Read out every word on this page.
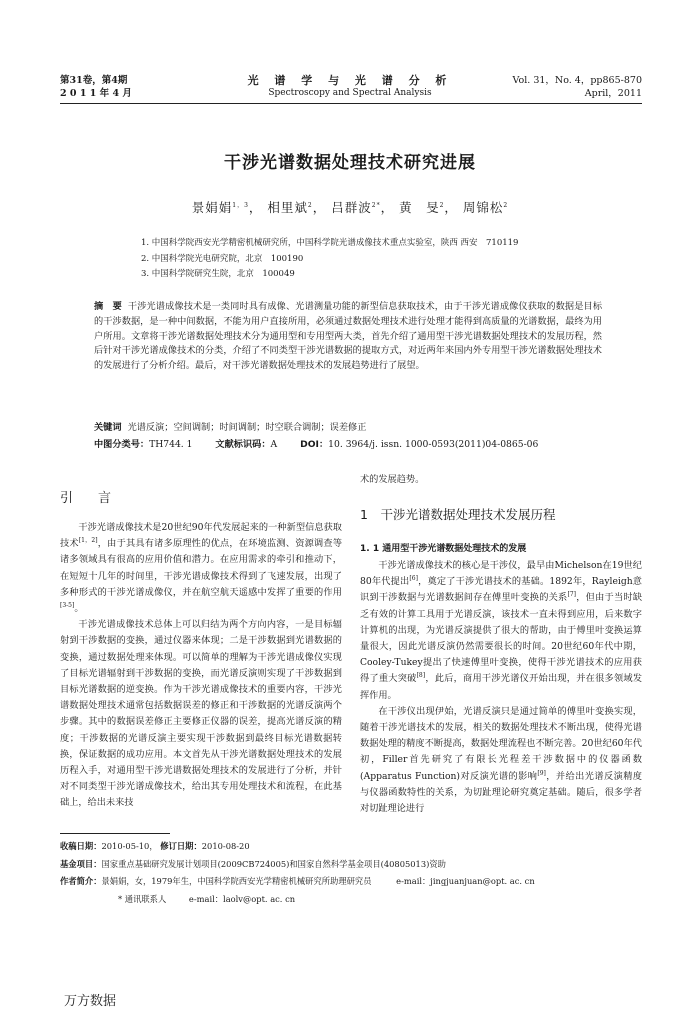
第31卷，第4期
2 0 1 1 年 4 月
光 谱 学 与 光 谱 分 析
Spectroscopy and Spectral Analysis
Vol. 31，No. 4，pp865-870
April，2011
干涉光谱数据处理技术研究进展
景娟娟$^{1,3}$， 相里斌$^2$， 吕群波$^{2*}$， 黄　旻$^2$， 周锦松$^2$
1. 中国科学院西安光学精密机械研究所，中国科学院光谱成像技术重点实验室，陕西 西安　710119
2. 中国科学院光电研究院，北京　100190
3. 中国科学院研究生院，北京　100049
摘　要 干涉光谱成像技术是一类同时具有成像、光谱测量功能的新型信息获取技术，由于干涉光谱成像仪获取的数据是目标的干涉数据，是一种中间数据，不能为用户直接所用，必须通过数据处理技术进行处理才能得到高质量的光谱数据，最终为用户所用。文章将干涉光谱数据处理技术分为通用型和专用型两大类，首先介绍了通用型干涉光谱数据处理技术的发展历程，然后针对干涉光谱成像技术的分类，介绍了不同类型干涉光谱数据的提取方式，对近两年来国内外专用型干涉光谱数据处理技术的发展进行了分析介绍。最后，对干涉光谱数据处理技术的发展趋势进行了展望。
关键词 光谱反演；空间调制；时间调制；时空联合调制；误差修正
中图分类号：TH744. 1 文献标识码：A DOI：10. 3964/j. issn. 1000-0593(2011)04-0865-06
引　言

干涉光谱成像技术是20世纪90年代发展起来的一种新型信息获取技术[1，2]，由于其具有诸多原理性的优点，在环境监测、资源调查等诸多领域具有很高的应用价值和潜力。在应用需求的牵引和推动下，在短短十几年的时间里，干涉光谱成像技术得到了飞速发展，出现了多种形式的干涉光谱成像仪，并在航空航天遥感中发挥了重要的作用[3-5]。

干涉光谱成像技术总体上可以归结为两个方向内容，一是目标辐射到干涉数据的变换，通过仪器来体现；二是干涉数据到光谱数据的变换，通过数据处理来体现。可以简单的理解为干涉光谱成像仪实现了目标光谱辐射到干涉数据的变换，而光谱反演则实现了干涉数据到目标光谱数据的逆变换。作为干涉光谱成像技术的重要内容，干涉光谱数据处理技术通常包括数据误差的修正和干涉数据的光谱反演两个步骤。其中的数据误差修正主要修正仪器的误差，提高光谱反演的精度；干涉数据的光谱反演主要实现干涉数据到最终目标光谱数据转换，保证数据的成功应用。本文首先从干涉光谱数据处理技术的发展历程入手，对通用型干涉光谱数据处理技术的发展进行了分析，并针对不同类型干涉光谱成像技术，给出其专用处理技术和流程，在此基础上，给出未来技

术的发展趋势。
1　干涉光谱数据处理技术发展历程
1. 1 通用型干涉光谱数据处理技术的发展

干涉光谱成像技术的核心是干涉仪，最早由Michelson在19世纪80年代提出[6]，奠定了干涉光谱技术的基础。1892年，Rayleigh意识到干涉数据与光谱数据间存在傅里叶变换的关系[7]，但由于当时缺乏有效的计算工具用于光谱反演，该技术一直未得到应用，后来数字计算机的出现，为光谱反演提供了很大的帮助，由于傅里叶变换运算量很大，因此光谱反演仍然需要很长的时间。20世纪60年代中期，Cooley-Tukey提出了快速傅里叶变换，使得干涉光谱技术的应用获得了重大突破[8]，此后，商用干涉光谱仪开始出现，并在很多领域发挥作用。

在干涉仪出现伊始，光谱反演只是通过简单的傅里叶变换实现，随着干涉光谱技术的发展，相关的数据处理技术不断出现，使得光谱数据处理的精度不断提高，数据处理流程也不断完善。20世纪60年代初，Filler首先研究了有限长光程差干涉数据中的仪器函数(Apparatus Function)对反演光谱的影响[9]，并给出光谱反演精度与仪器函数特性的关系，为切趾理论研究奠定基础。随后，很多学者对切趾理论进行

收稿日期：2010-05-10， 修订日期：2010-08-20
基金项目：国家重点基础研究发展计划项目(2009CB724005)和国家自然科学基金项目(40805013)资助
作者简介：景娟娟，女，1979年生，中国科学院西安光学精密机械研究所助理研究员	e-mail：jingjuanjuan@opt. ac. cn
* 通讯联系人	e-mail：laolv@opt. ac. cn
万方数据
